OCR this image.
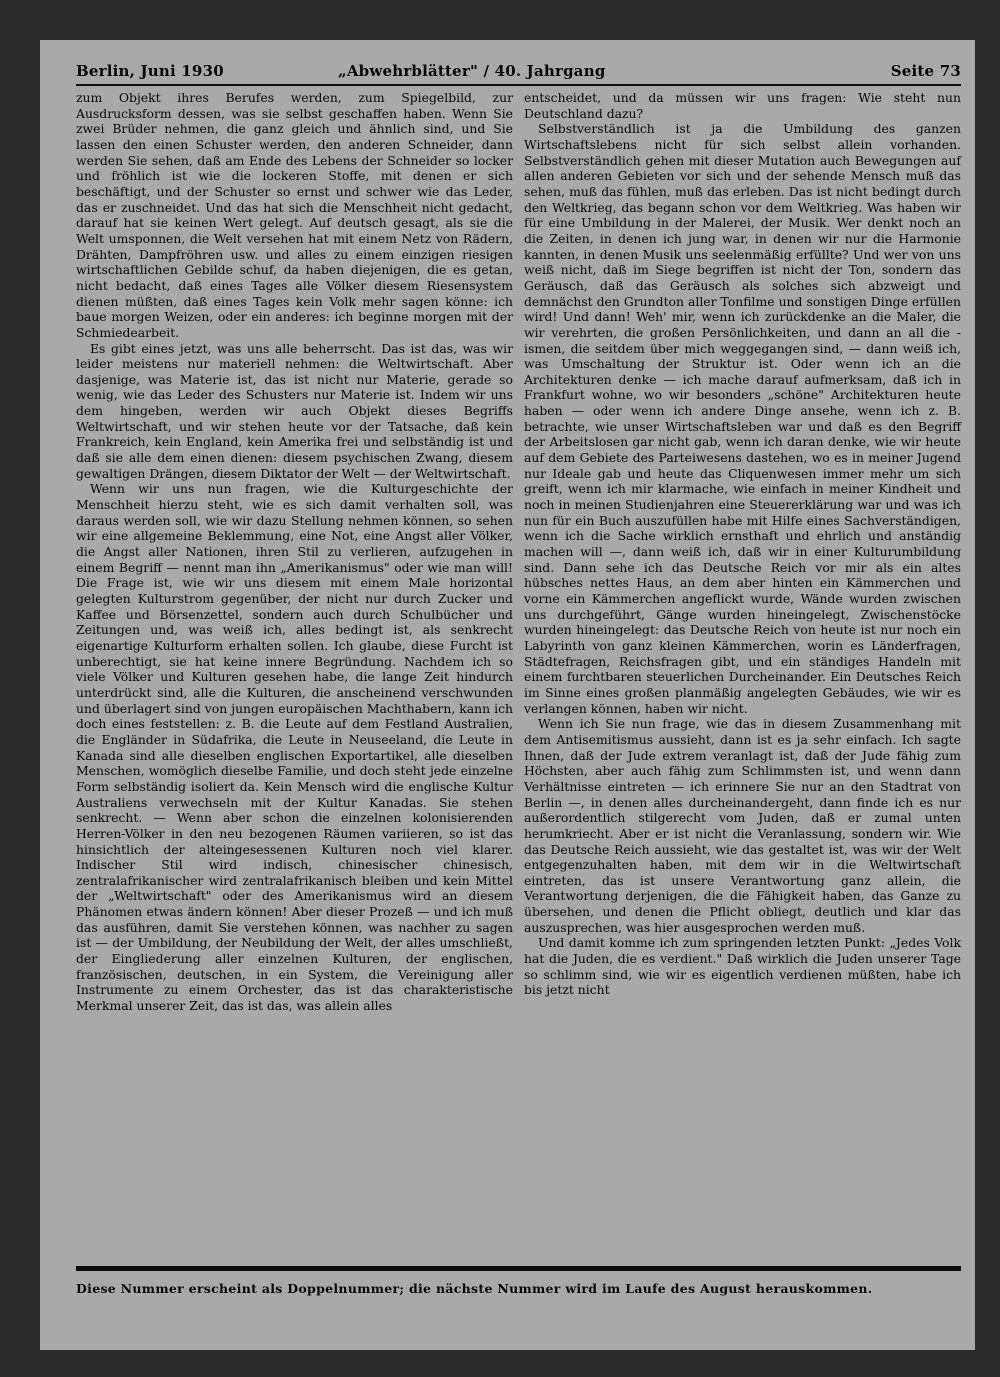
Berlin, Juni 1930	„Abwehrblätter" / 40. Jahrgang	Seite 73

zum Objekt ihres Berufes werden, zum Spiegelbild, zur Ausdrucksform dessen, was sie selbst geschaffen haben. Wenn Sie zwei Brüder nehmen, die ganz gleich und ähnlich sind, und Sie lassen den einen Schuster werden, den anderen Schneider, dann werden Sie sehen, daß am Ende des Lebens der Schneider so locker und fröhlich ist wie die lockeren Stoffe, mit denen er sich beschäftigt, und der Schuster so ernst und schwer wie das Leder, das er zuschneidet. Und das hat sich die Menschheit nicht gedacht, darauf hat sie keinen Wert gelegt. Auf deutsch gesagt, als sie die Welt umsponnen, die Welt versehen hat mit einem Netz von Rädern, Drähten, Dampfröhren usw. und alles zu einem einzigen riesigen wirtschaftlichen Gebilde schuf, da haben diejenigen, die es getan, nicht bedacht, daß eines Tages alle Völker diesem Riesensystem dienen müßten, daß eines Tages kein Volk mehr sagen könne: ich baue morgen Weizen, oder ein anderes: ich beginne morgen mit der Schmiedearbeit.

Es gibt eines jetzt, was uns alle beherrscht. Das ist das, was wir leider meistens nur materiell nehmen: die Weltwirtschaft. Aber dasjenige, was Materie ist, das ist nicht nur Materie, gerade so wenig, wie das Leder des Schusters nur Materie ist. Indem wir uns dem hingeben, werden wir auch Objekt dieses Begriffs Weltwirtschaft, und wir stehen heute vor der Tatsache, daß kein Frankreich, kein England, kein Amerika frei und selbständig ist und daß sie alle dem einen dienen: diesem psychischen Zwang, diesem gewaltigen Drängen, diesem Diktator der Welt — der Weltwirtschaft.

Wenn wir uns nun fragen, wie die Kulturgeschichte der Menschheit hierzu steht, wie es sich damit verhalten soll, was daraus werden soll, wie wir dazu Stellung nehmen können, so sehen wir eine allgemeine Beklemmung, eine Not, eine Angst aller Völker, die Angst aller Nationen, ihren Stil zu verlieren, aufzugehen in einem Begriff — nennt man ihn „Amerikanismus" oder wie man will! Die Frage ist, wie wir uns diesem mit einem Male horizontal gelegten Kulturstrom gegenüber, der nicht nur durch Zucker und Kaffee und Börsenzettel, sondern auch durch Schulbücher und Zeitungen und, was weiß ich, alles bedingt ist, als senkrecht eigenartige Kulturform erhalten sollen. Ich glaube, diese Furcht ist unberechtigt, sie hat keine innere Begründung. Nachdem ich so viele Völker und Kulturen gesehen habe, die lange Zeit hindurch unterdrückt sind, alle die Kulturen, die anscheinend verschwunden und überlagert sind von jungen europäischen Machthabern, kann ich doch eines feststellen: z. B. die Leute auf dem Festland Australien, die Engländer in Südafrika, die Leute in Neuseeland, die Leute in Kanada sind alle dieselben englischen Exportartikel, alle dieselben Menschen, womöglich dieselbe Familie, und doch steht jede einzelne Form selbständig isoliert da. Kein Mensch wird die englische Kultur Australiens verwechseln mit der Kultur Kanadas. Sie stehen senkrecht. — Wenn aber schon die einzelnen kolonisierenden Herren-Völker in den neu bezogenen Räumen variieren, so ist das hinsichtlich der alteingesessenen Kulturen noch viel klarer. Indischer Stil wird indisch, chinesischer chinesisch, zentralafrikanischer wird zentralafrikanisch bleiben und kein Mittel der „Weltwirtschaft" oder des Amerikanismus wird an diesem Phänomen etwas ändern können! Aber dieser Prozeß — und ich muß das ausführen, damit Sie verstehen können, was nachher zu sagen ist — der Umbildung, der Neubildung der Welt, der alles umschließt, der Eingliederung aller einzelnen Kulturen, der englischen, französischen, deutschen, in ein System, die Vereinigung aller Instrumente zu einem Orchester, das ist das charakteristische Merkmal unserer Zeit, das ist das, was allein alles

entscheidet, und da müssen wir uns fragen: Wie steht nun Deutschland dazu?

Selbstverständlich ist ja die Umbildung des ganzen Wirtschaftslebens nicht für sich selbst allein vorhanden. Selbstverständlich gehen mit dieser Mutation auch Bewegungen auf allen anderen Gebieten vor sich und der sehende Mensch muß das sehen, muß das fühlen, muß das erleben. Das ist nicht bedingt durch den Weltkrieg, das begann schon vor dem Weltkrieg. Was haben wir für eine Umbildung in der Malerei, der Musik. Wer denkt noch an die Zeiten, in denen ich jung war, in denen wir nur die Harmonie kannten, in denen Musik uns seelenmäßig erfüllte? Und wer von uns weiß nicht, daß im Siege begriffen ist nicht der Ton, sondern das Geräusch, daß das Geräusch als solches sich abzweigt und demnächst den Grundton aller Tonfilme und sonstigen Dinge erfüllen wird! Und dann! Weh' mir, wenn ich zurückdenke an die Maler, die wir verehrten, die großen Persönlichkeiten, und dann an all die -ismen, die seitdem über mich weggegangen sind, — dann weiß ich, was Umschaltung der Struktur ist. Oder wenn ich an die Architekturen denke — ich mache darauf aufmerksam, daß ich in Frankfurt wohne, wo wir besonders „schöne" Architekturen heute haben — oder wenn ich andere Dinge ansehe, wenn ich z. B. betrachte, wie unser Wirtschaftsleben war und daß es den Begriff der Arbeitslosen gar nicht gab, wenn ich daran denke, wie wir heute auf dem Gebiete des Parteiwesens dastehen, wo es in meiner Jugend nur Ideale gab und heute das Cliquenwesen immer mehr um sich greift, wenn ich mir klarmache, wie einfach in meiner Kindheit und noch in meinen Studienjahren eine Steuererklärung war und was ich nun für ein Buch auszufüllen habe mit Hilfe eines Sachverständigen, wenn ich die Sache wirklich ernsthaft und ehrlich und anständig machen will —, dann weiß ich, daß wir in einer Kulturumbildung sind. Dann sehe ich das Deutsche Reich vor mir als ein altes hübsches nettes Haus, an dem aber hinten ein Kämmerchen und vorne ein Kämmerchen angeflickt wurde, Wände wurden zwischen uns durchgeführt, Gänge wurden hineingelegt, Zwischenstöcke wurden hineingelegt: das Deutsche Reich von heute ist nur noch ein Labyrinth von ganz kleinen Kämmerchen, worin es Länderfragen, Städtefragen, Reichsfragen gibt, und ein ständiges Handeln mit einem furchtbaren steuerlichen Durcheinander. Ein Deutsches Reich im Sinne eines großen planmäßig angelegten Gebäudes, wie wir es verlangen können, haben wir nicht.

Wenn ich Sie nun frage, wie das in diesem Zusammenhang mit dem Antisemitismus aussieht, dann ist es ja sehr einfach. Ich sagte Ihnen, daß der Jude extrem veranlagt ist, daß der Jude fähig zum Höchsten, aber auch fähig zum Schlimmsten ist, und wenn dann Verhältnisse eintreten — ich erinnere Sie nur an den Stadtrat von Berlin —, in denen alles durcheinandergeht, dann finde ich es nur außerordentlich stilgerecht vom Juden, daß er zumal unten herumkriecht. Aber er ist nicht die Veranlassung, sondern wir. Wie das Deutsche Reich aussieht, wie das gestaltet ist, was wir der Welt entgegenzuhalten haben, mit dem wir in die Weltwirtschaft eintreten, das ist unsere Verantwortung ganz allein, die Verantwortung derjenigen, die die Fähigkeit haben, das Ganze zu übersehen, und denen die Pflicht obliegt, deutlich und klar das auszusprechen, was hier ausgesprochen werden muß.

Und damit komme ich zum springenden letzten Punkt: „Jedes Volk hat die Juden, die es verdient." Daß wirklich die Juden unserer Tage so schlimm sind, wie wir es eigentlich verdienen müßten, habe ich bis jetzt nicht

Diese Nummer erscheint als Doppelnummer; die nächste Nummer wird im Laufe des August herauskommen.
